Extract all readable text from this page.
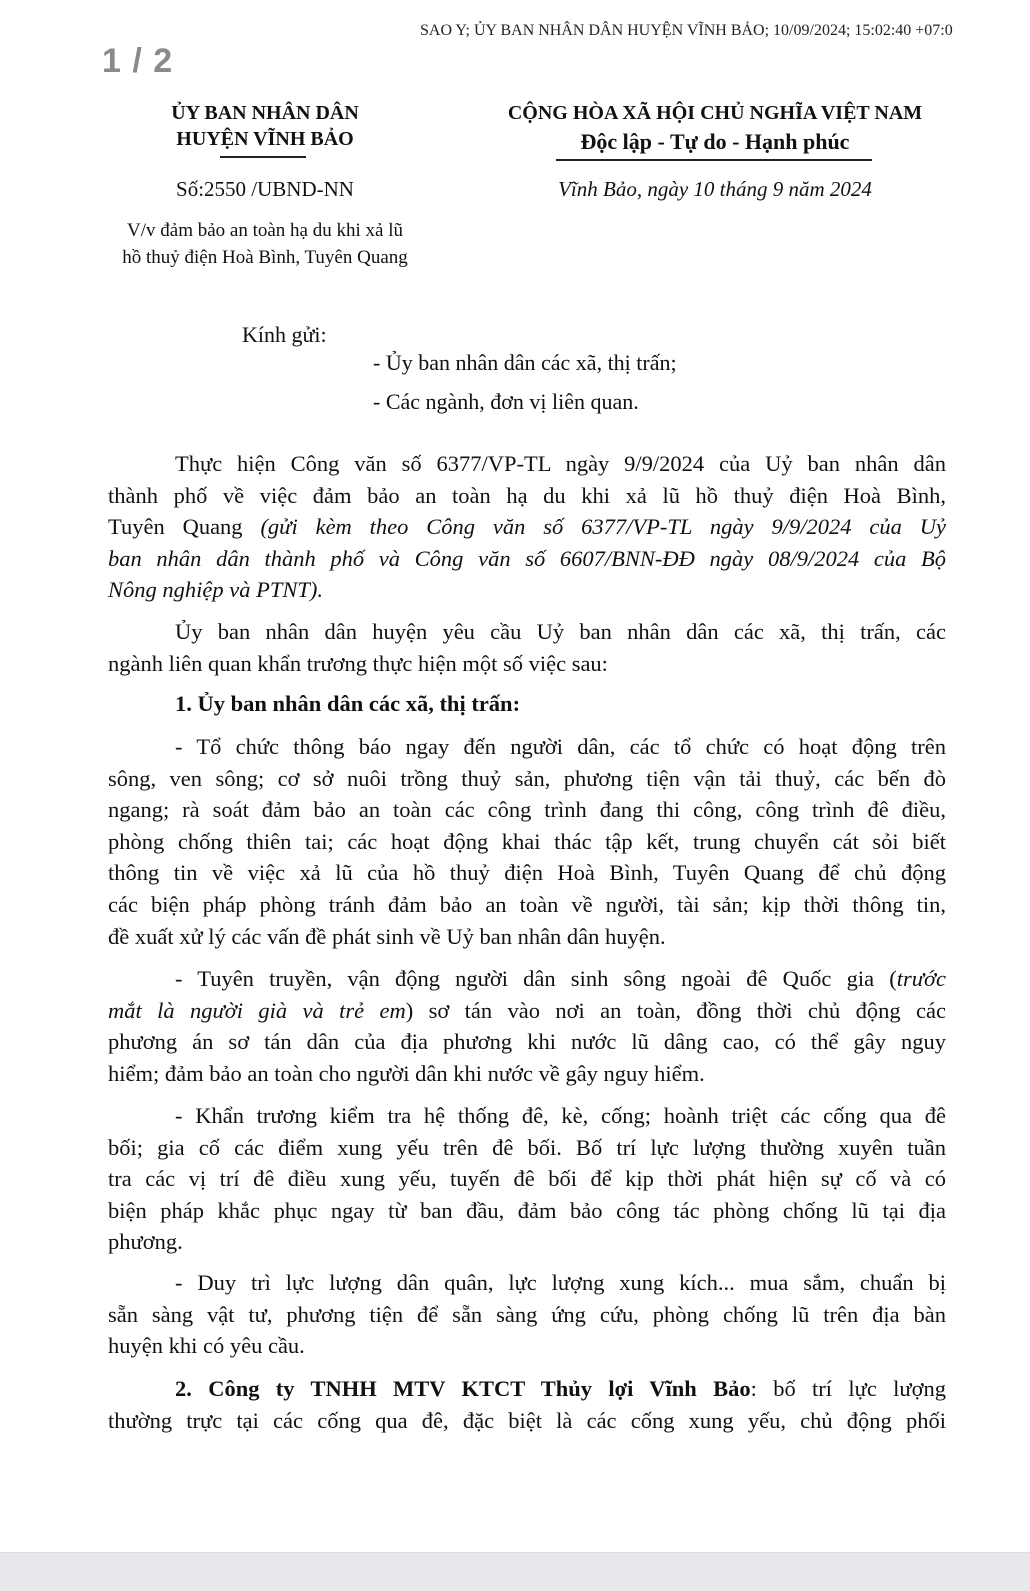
SAO Y; ỦY BAN NHÂN DÂN HUYỆN VĨNH BẢO; 10/09/2024; 15:02:40 +07:0
1 / 2
ỦY BAN NHÂN DÂN
HUYỆN VĨNH BẢO
CỘNG HÒA XÃ HỘI CHỦ NGHĨA VIỆT NAM
Độc lập - Tự do - Hạnh phúc
Số:2550 /UBND-NN	Vĩnh Bảo, ngày 10 tháng 9 năm 2024
V/v đảm bảo an toàn hạ du khi xả lũ
hồ thuỷ điện Hoà Bình, Tuyên Quang
Kính gửi:
- Ủy ban nhân dân các xã, thị trấn;
- Các ngành, đơn vị liên quan.
Thực hiện Công văn số 6377/VP-TL ngày 9/9/2024 của Uỷ ban nhân dân
thành phố về việc đảm bảo an toàn hạ du khi xả lũ hồ thuỷ điện Hoà Bình,
Tuyên Quang (gửi kèm theo Công văn số 6377/VP-TL ngày 9/9/2024 của Uỷ
ban nhân dân thành phố và Công văn số 6607/BNN-ĐĐ ngày 08/9/2024 của Bộ
Nông nghiệp và PTNT).
Ủy ban nhân dân huyện yêu cầu Uỷ ban nhân dân các xã, thị trấn, các
ngành liên quan khẩn trương thực hiện một số việc sau:
1. Ủy ban nhân dân các xã, thị trấn:
- Tổ chức thông báo ngay đến người dân, các tổ chức có hoạt động trên
sông, ven sông; cơ sở nuôi trồng thuỷ sản, phương tiện vận tải thuỷ, các bến đò
ngang; rà soát đảm bảo an toàn các công trình đang thi công, công trình đê điều,
phòng chống thiên tai; các hoạt động khai thác tập kết, trung chuyển cát sỏi biết
thông tin về việc xả lũ của hồ thuỷ điện Hoà Bình, Tuyên Quang để chủ động
các biện pháp phòng tránh đảm bảo an toàn về người, tài sản; kịp thời thông tin,
đề xuất xử lý các vấn đề phát sinh về Uỷ ban nhân dân huyện.
- Tuyên truyền, vận động người dân sinh sông ngoài đê Quốc gia (trước
mắt là người già và trẻ em) sơ tán vào nơi an toàn, đồng thời chủ động các
phương án sơ tán dân của địa phương khi nước lũ dâng cao, có thể gây nguy
hiểm; đảm bảo an toàn cho người dân khi nước về gây nguy hiểm.
- Khẩn trương kiểm tra hệ thống đê, kè, cống; hoành triệt các cống qua đê
bối; gia cố các điểm xung yếu trên đê bối. Bố trí lực lượng thường xuyên tuần
tra các vị trí đê điều xung yếu, tuyến đê bối để kịp thời phát hiện sự cố và có
biện pháp khắc phục ngay từ ban đầu, đảm bảo công tác phòng chống lũ tại địa
phương.
- Duy trì lực lượng dân quân, lực lượng xung kích... mua sắm, chuẩn bị
sẵn sàng vật tư, phương tiện để sẵn sàng ứng cứu, phòng chống lũ trên địa bàn
huyện khi có yêu cầu.
2. Công ty TNHH MTV KTCT Thủy lợi Vĩnh Bảo: bố trí lực lượng
thường trực tại các cống qua đê, đặc biệt là các cống xung yếu, chủ động phối
